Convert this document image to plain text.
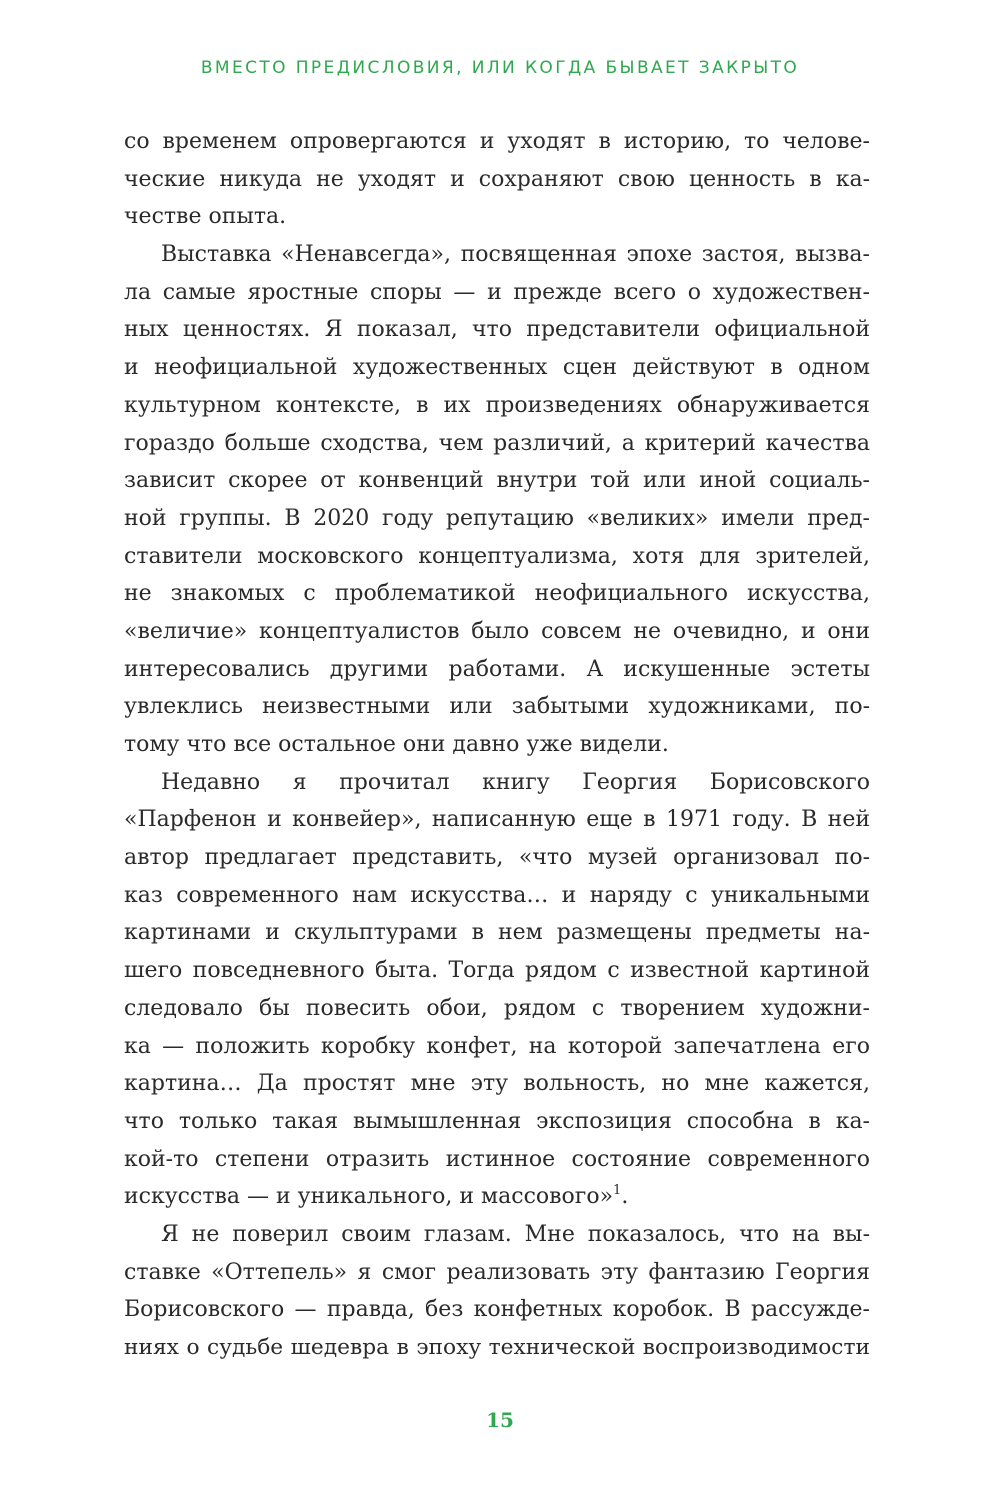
ВМЕСТО ПРЕДИСЛОВИЯ, ИЛИ КОГДА БЫВАЕТ ЗАКРЫТО
со временем опровергаются и уходят в историю, то челове-
ческие никуда не уходят и сохраняют свою ценность в ка-
честве опыта.
Выставка «Ненавсегда», посвященная эпохе застоя, вызва-
ла самые яростные споры — и прежде всего о художествен-
ных ценностях. Я показал, что представители официальной
и неофициальной художественных сцен действуют в одном
культурном контексте, в их произведениях обнаруживается
гораздо больше сходства, чем различий, а критерий качества
зависит скорее от конвенций внутри той или иной социаль-
ной группы. В 2020 году репутацию «великих» имели пред-
ставители московского концептуализма, хотя для зрителей,
не знакомых с проблематикой неофициального искусства,
«величие» концептуалистов было совсем не очевидно, и они
интересовались другими работами. А искушенные эстеты
увлеклись неизвестными или забытыми художниками, по-
тому что все остальное они давно уже видели.
Недавно я прочитал книгу Георгия Борисовского
«Парфенон и конвейер», написанную еще в 1971 году. В ней
автор предлагает представить, «что музей организовал по-
каз современного нам искусства… и наряду с уникальными
картинами и скульптурами в нем размещены предметы на-
шего повседневного быта. Тогда рядом с известной картиной
следовало бы повесить обои, рядом с творением художни-
ка — положить коробку конфет, на которой запечатлена его
картина… Да простят мне эту вольность, но мне кажется,
что только такая вымышленная экспозиция способна в ка-
кой-то степени отразить истинное состояние современного
искусства — и уникального, и массового»$^1$.
Я не поверил своим глазам. Мне показалось, что на вы-
ставке «Оттепель» я смог реализовать эту фантазию Георгия
Борисовского — правда, без конфетных коробок. В рассужде-
ниях о судьбе шедевра в эпоху технической воспроизводимости
15
